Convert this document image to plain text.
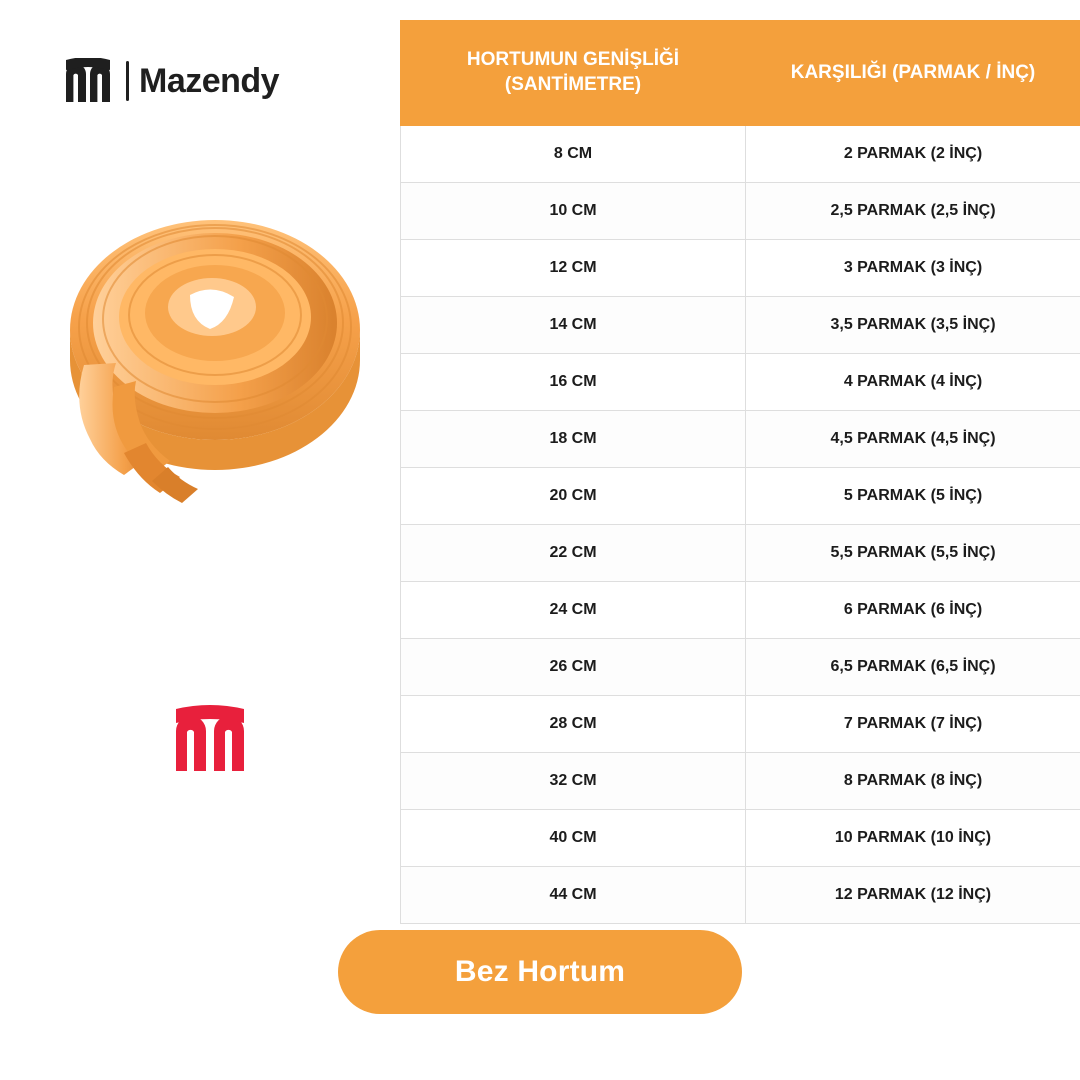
Mazendy
HORTUMUN GENİŞLİĞİ (SANTİMETRE)	KARŞILIĞI (PARMAK / İNÇ)
8 CM	2 PARMAK (2 İNÇ)
10 CM	2,5 PARMAK (2,5 İNÇ)
12 CM	3 PARMAK (3 İNÇ)
14 CM	3,5 PARMAK (3,5 İNÇ)
16 CM	4 PARMAK (4 İNÇ)
18 CM	4,5 PARMAK (4,5 İNÇ)
20 CM	5 PARMAK (5 İNÇ)
22 CM	5,5 PARMAK (5,5 İNÇ)
24 CM	6 PARMAK (6 İNÇ)
26 CM	6,5 PARMAK (6,5 İNÇ)
28 CM	7 PARMAK (7 İNÇ)
32 CM	8 PARMAK (8 İNÇ)
40 CM	10 PARMAK (10 İNÇ)
44 CM	12 PARMAK (12 İNÇ)
Bez Hortum
